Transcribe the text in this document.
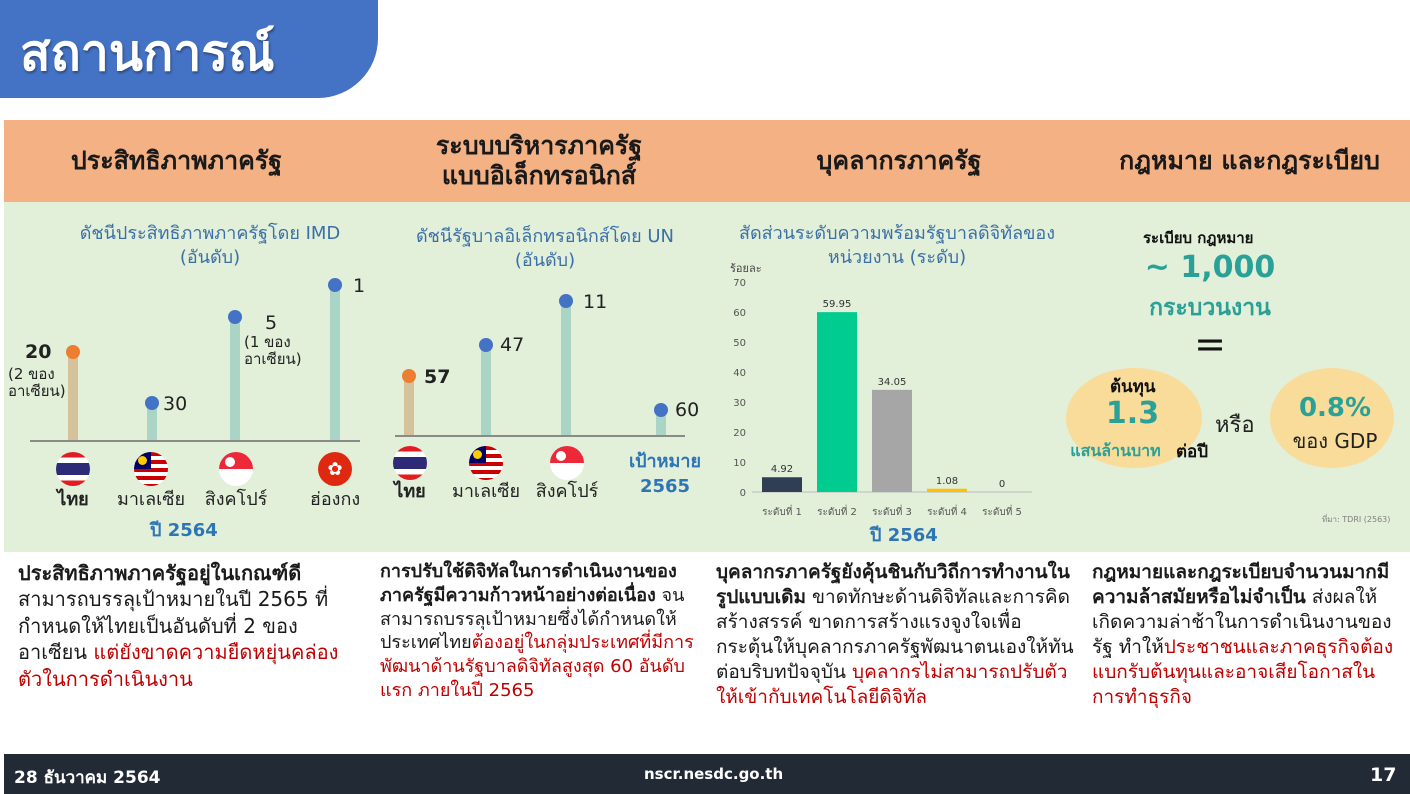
สถานการณ์
ประสิทธิภาพภาครัฐ
ระบบบริหารภาครัฐ
แบบอิเล็กทรอนิกส์
บุคลากรภาครัฐ	กฎหมาย และกฎระเบียบ
ดัชนีประสิทธิภาพภาครัฐโดย IMD
(อันดับ)
20
(2 ของ
อาเซียน)
30
5
(1 ของ
อาเซียน)
1
✿
ไทย	มาเลเซีย	สิงคโปร์	ฮ่องกง
ปี 2564
ดัชนีรัฐบาลอิเล็กทรอนิกส์โดย UN
(อันดับ)
57
47
11
60
ไทย	มาเลเซีย สิงคโปร์
เป้าหมาย
2565
สัดส่วนระดับความพร้อมรัฐบาลดิจิทัลของ
หน่วยงาน (ระดับ)
ร้อยละ
0
10
20
30
40
50
60
70
4.92
ระดับที่ 1
59.95
ระดับที่ 2
34.05
ระดับที่ 3
1.08
ระดับที่ 4
0
ระดับที่ 5
ปี 2564
ระเบียบ กฎหมาย
~ 1,000
กระบวนงาน
=
ต้นทุน
1.3
แสนล้านบาท ต่อปี
หรือ
0.8%
ของ GDP
ที่มา: TDRI (2563)
ประสิทธิภาพภาครัฐอยู่ในเกณฑ์ดี สามารถบรรลุเป้าหมายในปี 2565 ที่กำหนดให้ไทยเป็นอันดับที่ 2 ของอาเซียน แต่ยังขาดความยืดหยุ่นคล่องตัวในการดำเนินงาน
การปรับใช้ดิจิทัลในการดำเนินงานของภาครัฐมีความก้าวหน้าอย่างต่อเนื่อง จนสามารถบรรลุเป้าหมายซึ่งได้กำหนดให้ประเทศไทยต้องอยู่ในกลุ่มประเทศที่มีการพัฒนาด้านรัฐบาลดิจิทัลสูงสุด 60 อันดับแรก ภายในปี 2565
บุคลากรภาครัฐยังคุ้นชินกับวิถีการทำงานในรูปแบบเดิม ขาดทักษะด้านดิจิทัลและการคิดสร้างสรรค์ ขาดการสร้างแรงจูงใจเพื่อกระตุ้นให้บุคลากรภาครัฐพัฒนาตนเองให้ทันต่อบริบทปัจจุบัน บุคลากรไม่สามารถปรับตัวให้เข้ากับเทคโนโลยีดิจิทัล
กฎหมายและกฎระเบียบจำนวนมากมีความล้าสมัยหรือไม่จำเป็น ส่งผลให้เกิดความล่าช้าในการดำเนินงานของรัฐ ทำให้ประชาชนและภาคธุรกิจต้องแบกรับต้นทุนและอาจเสียโอกาสในการทำธุรกิจ
28 ธันวาคม 2564	nscr.nesdc.go.th	17
